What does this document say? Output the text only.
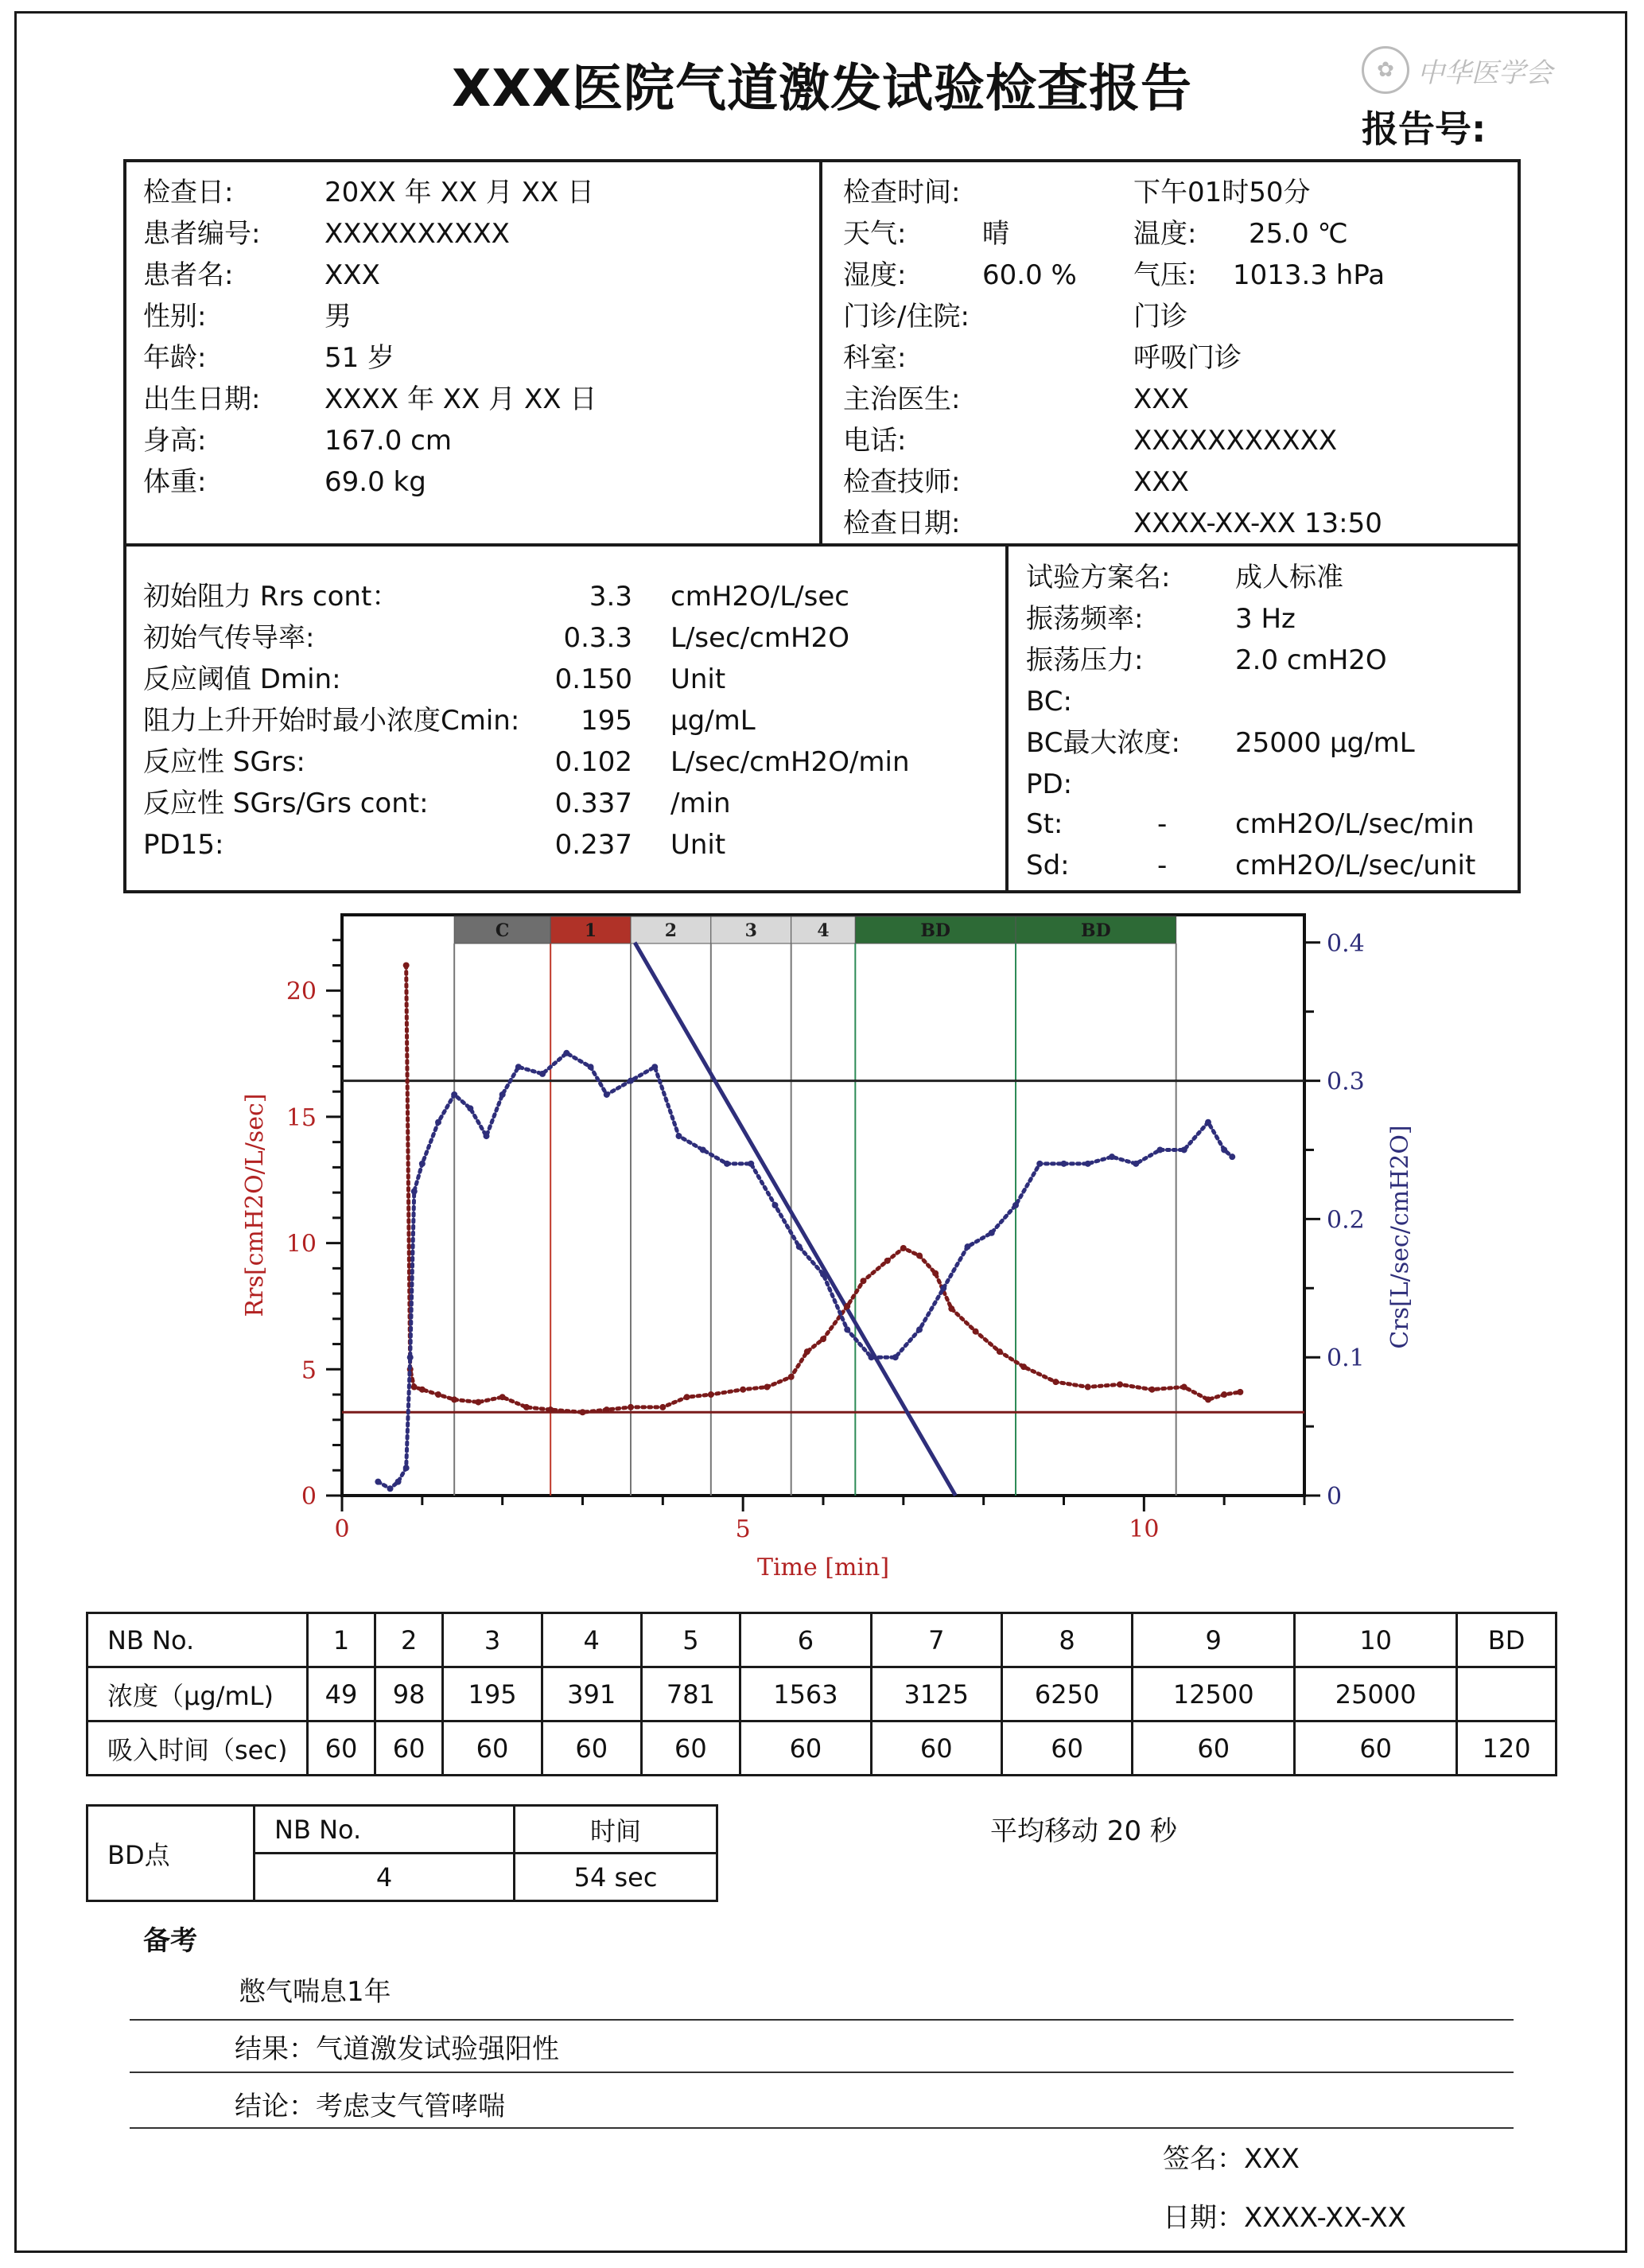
XXX医院气道激发试验检查报告	✿ 中华医学会
报告号:
检查日:	20XX 年 XX 月 XX 日
患者编号: XXXXXXXXXX
患者名:	XXX
性别:	男
年龄:	51 岁
出生日期: XXXX 年 XX 月 XX 日
身高:	167.0 cm
体重:	69.0 kg
检查时间:	下午01时50分
天气:	晴	温度: 25.0 ℃
湿度:	60.0 % 气压: 1013.3 hPa
门诊/住院:	门诊
科室:	呼吸门诊
主治医生:	XXX
电话:	XXXXXXXXXXX
检查技师:	XXX
检查日期:	XXXX-XX-XX 13:50
初始阻力 Rrs cont：	3.3 cmH2O/L/sec
初始气传导率:	0.3.3 L/sec/cmH2O
反应阈值 Dmin:	0.150 Unit
阻力上升开始时最小浓度Cmin:	195 μg/mL
反应性 SGrs:	0.102 L/sec/cmH2O/min
反应性 SGrs/Grs cont:	0.337 /min
PD15:	0.237 Unit
St:	-	cmH2O/L/sec/min
Sd:	-	cmH2O/L/sec/unit
试验方案名: 成人标准
振荡频率:	3 Hz
振荡压力:	2.0 cmH2O
BC:
BC最大浓度: 25000 μg/mL
PD:
C	1	2	3	4	BD	BD
0	5	10
0
5
10
15
20
0
0.1
0.2
0.3
0.4
Time [min]
Rrs[cmH2O/L/sec]	Crs[L/sec/cmH2O]
NB No.	1	2	3	4	5	6	7	8	9	10	BD
浓度（μg/mL)	49	98	195	391	781	1563	3125	6250	12500	25000	
吸入时间（sec)	60	60	60	60	60	60	60	60	60	60	120
BD点	NB No.	时间
	4	54 sec
平均移动 20 秒
备考
憋气喘息1年
结果：气道激发试验强阳性
结论：考虑支气管哮喘
签名：XXX
日期：XXXX-XX-XX
